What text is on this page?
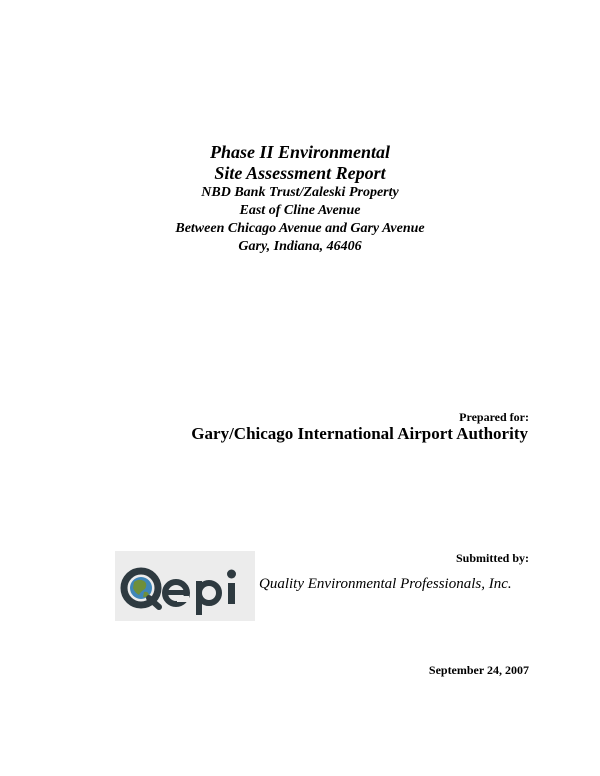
Phase II Environmental
Site Assessment Report
NBD Bank Trust/Zaleski Property
East of Cline Avenue
Between Chicago Avenue and Gary Avenue
Gary, Indiana, 46406
Prepared for:
Gary/Chicago International Airport Authority
Submitted by:
Quality Environmental Professionals, Inc.
September 24, 2007
